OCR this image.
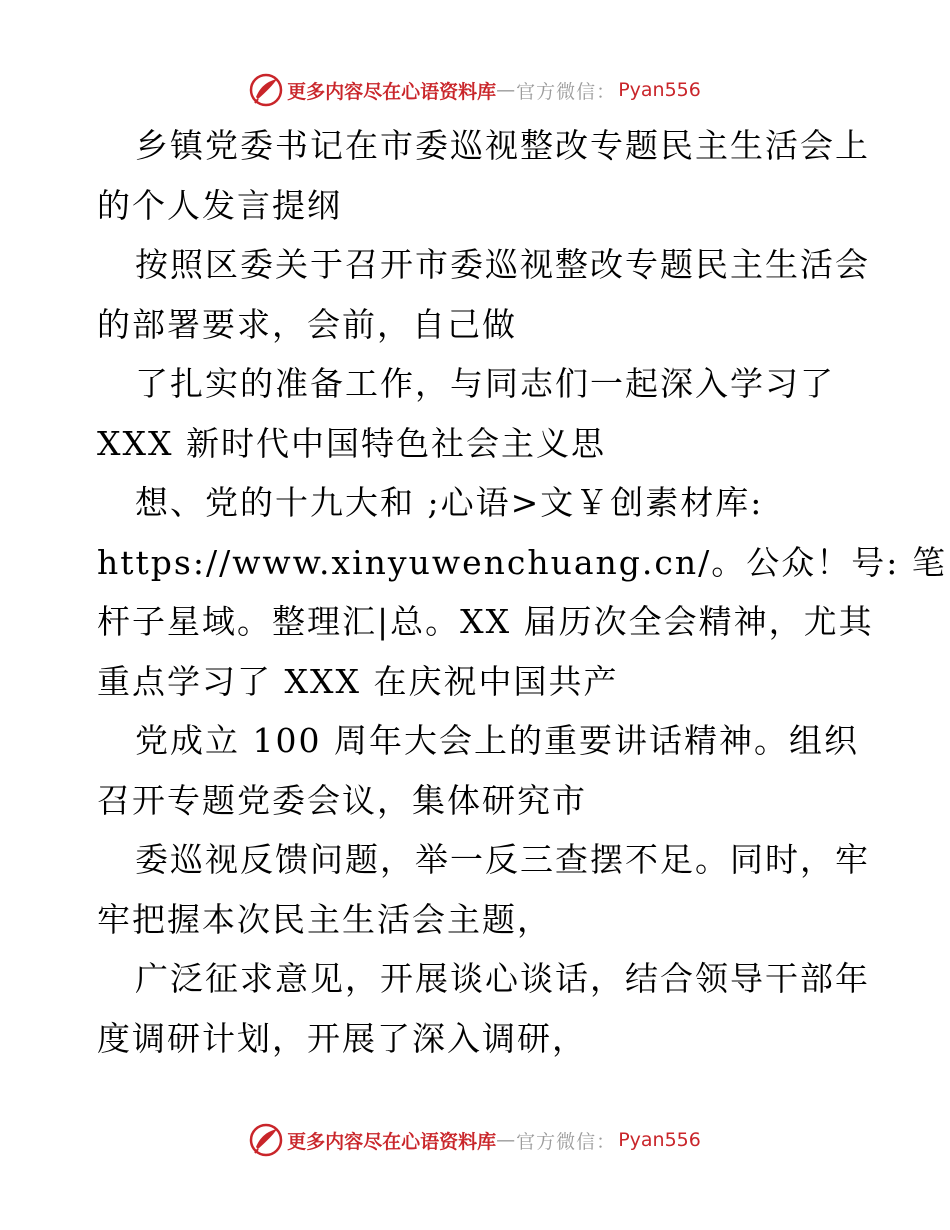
更多内容尽在心语资料库 — 官方微信： Pyan556
乡镇党委书记在市委巡视整改专题民主生活会上
的个人发言提纲
按照区委关于召开市委巡视整改专题民主生活会
的部署要求，会前，自己做
了扎实的准备工作，与同志们一起深入学习了
XXX 新时代中国特色社会主义思
想、党的十九大和 ;心语>文￥创素材库:
https://www.xinyuwenchuang.cn/。公众！号: 笔
杆子星域。整理汇|总。XX 届历次全会精神，尤其
重点学习了 XXX 在庆祝中国共产
党成立 100 周年大会上的重要讲话精神。组织
召开专题党委会议，集体研究市
委巡视反馈问题，举一反三查摆不足。同时，牢
牢把握本次民主生活会主题，
广泛征求意见，开展谈心谈话，结合领导干部年
度调研计划，开展了深入调研，
更多内容尽在心语资料库 — 官方微信： Pyan556
